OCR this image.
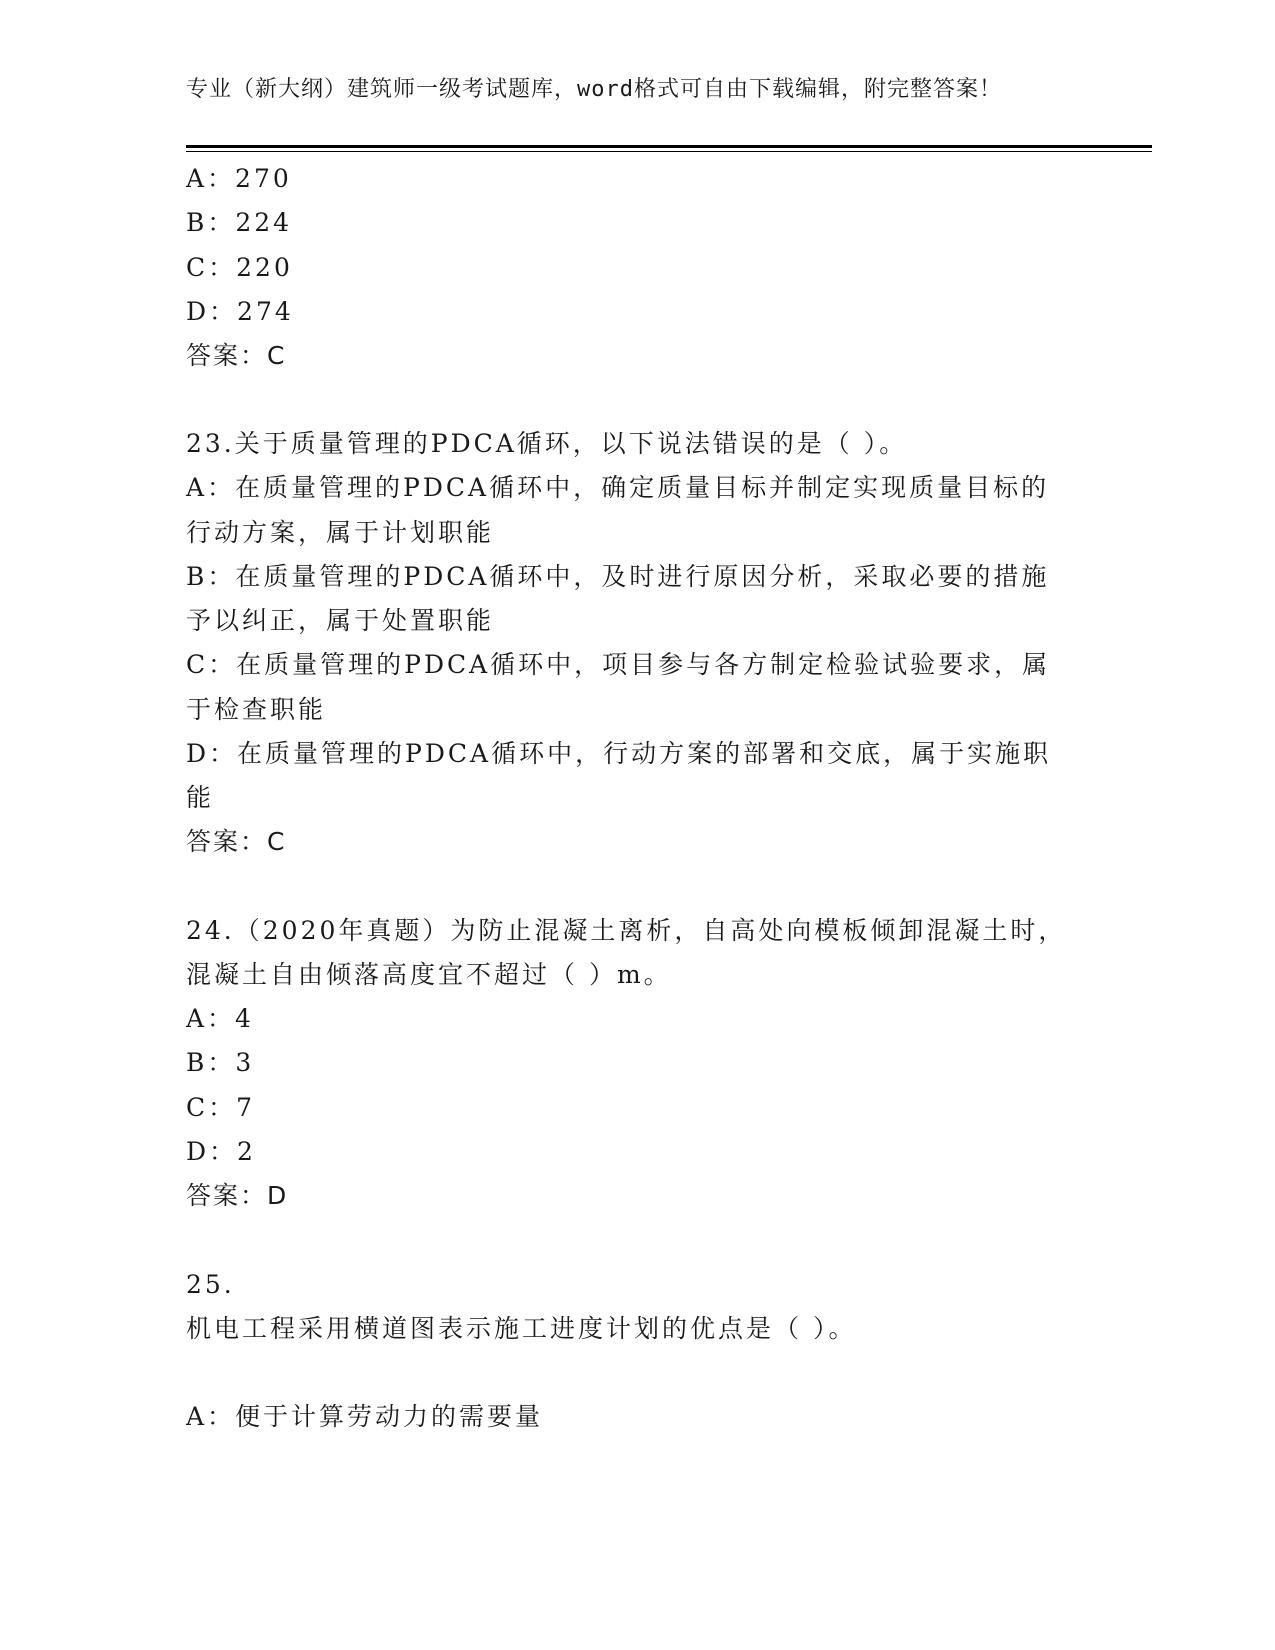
专业（新大纲）建筑师一级考试题库，word格式可自由下载编辑，附完整答案！
A：270
B：224
C：220
D：274
答案：C
23.关于质量管理的PDCA循环，以下说法错误的是（ ）。
A：在质量管理的PDCA循环中，确定质量目标并制定实现质量目标的
行动方案，属于计划职能
B：在质量管理的PDCA循环中，及时进行原因分析，采取必要的措施
予以纠正，属于处置职能
C：在质量管理的PDCA循环中，项目参与各方制定检验试验要求，属
于检查职能
D：在质量管理的PDCA循环中，行动方案的部署和交底，属于实施职
能
答案：C
24.（2020年真题）为防止混凝土离析，自高处向模板倾卸混凝土时，
混凝土自由倾落高度宜不超过（ ）m。
A：4
B：3
C：7
D：2
答案：D
25.
机电工程采用横道图表示施工进度计划的优点是（ ）。
A：便于计算劳动力的需要量
